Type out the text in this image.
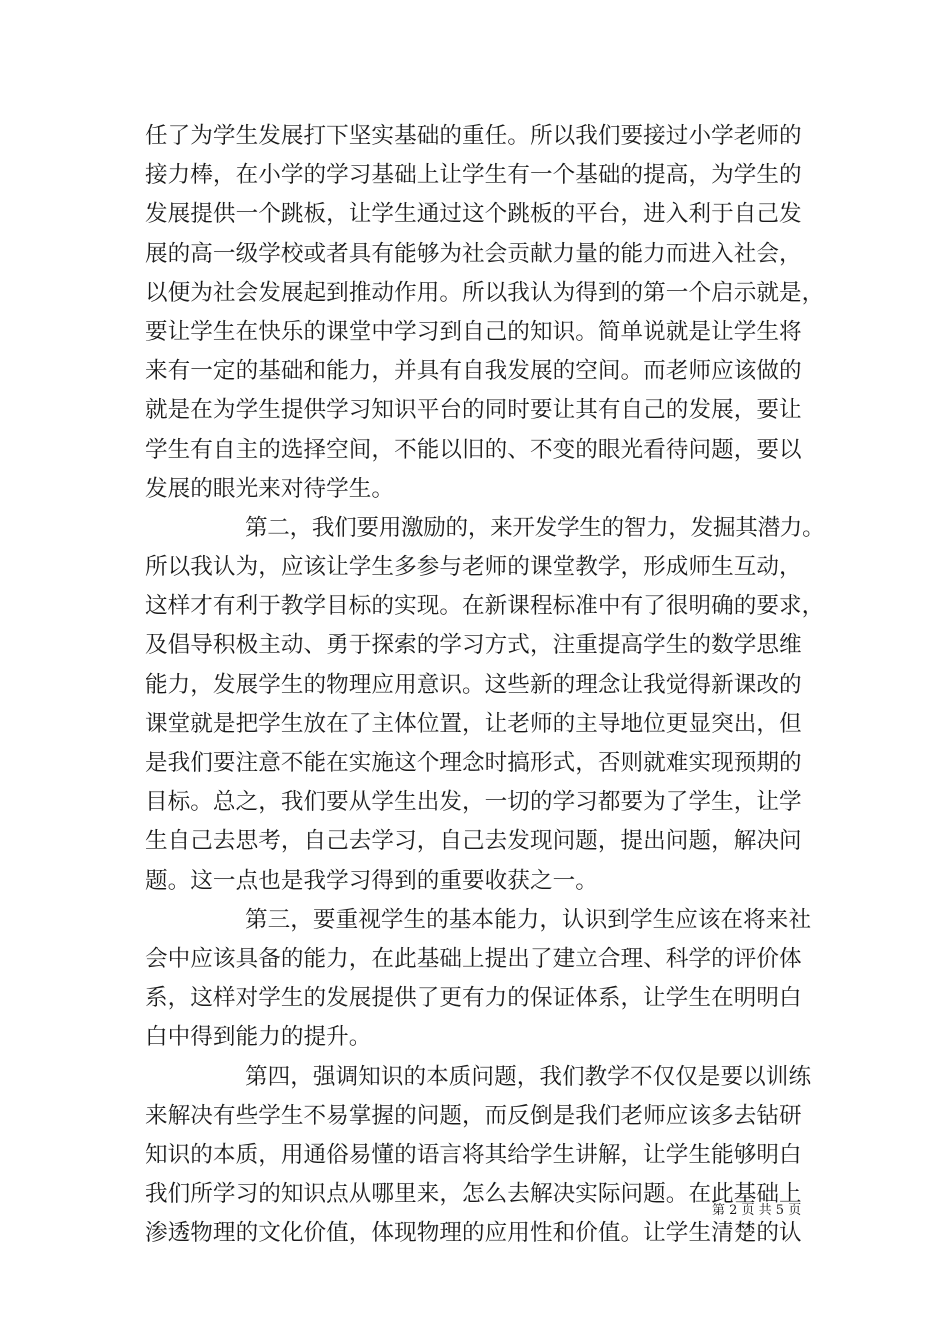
任了为学生发展打下坚实基础的重任。所以我们要接过小学老师的
接力棒，在小学的学习基础上让学生有一个基础的提高，为学生的
发展提供一个跳板，让学生通过这个跳板的平台，进入利于自己发
展的高一级学校或者具有能够为社会贡献力量的能力而进入社会，
以便为社会发展起到推动作用。所以我认为得到的第一个启示就是，
要让学生在快乐的课堂中学习到自己的知识。简单说就是让学生将
来有一定的基础和能力，并具有自我发展的空间。而老师应该做的
就是在为学生提供学习知识平台的同时要让其有自己的发展，要让
学生有自主的选择空间，不能以旧的、不变的眼光看待问题，要以
发展的眼光来对待学生。
第二，我们要用激励的，来开发学生的智力，发掘其潜力。
所以我认为，应该让学生多参与老师的课堂教学，形成师生互动，
这样才有利于教学目标的实现。在新课程标准中有了很明确的要求，
及倡导积极主动、勇于探索的学习方式，注重提高学生的数学思维
能力，发展学生的物理应用意识。这些新的理念让我觉得新课改的
课堂就是把学生放在了主体位置，让老师的主导地位更显突出，但
是我们要注意不能在实施这个理念时搞形式，否则就难实现预期的
目标。总之，我们要从学生出发，一切的学习都要为了学生，让学
生自己去思考，自己去学习，自己去发现问题，提出问题，解决问
题。这一点也是我学习得到的重要收获之一。
第三，要重视学生的基本能力，认识到学生应该在将来社
会中应该具备的能力，在此基础上提出了建立合理、科学的评价体
系，这样对学生的发展提供了更有力的保证体系，让学生在明明白
白中得到能力的提升。
第四，强调知识的本质问题，我们教学不仅仅是要以训练
来解决有些学生不易掌握的问题，而反倒是我们老师应该多去钻研
知识的本质，用通俗易懂的语言将其给学生讲解，让学生能够明白
我们所学习的知识点从哪里来，怎么去解决实际问题。在此基础上
渗透物理的文化价值，体现物理的应用性和价值。让学生清楚的认
第 2 页 共 5 页
